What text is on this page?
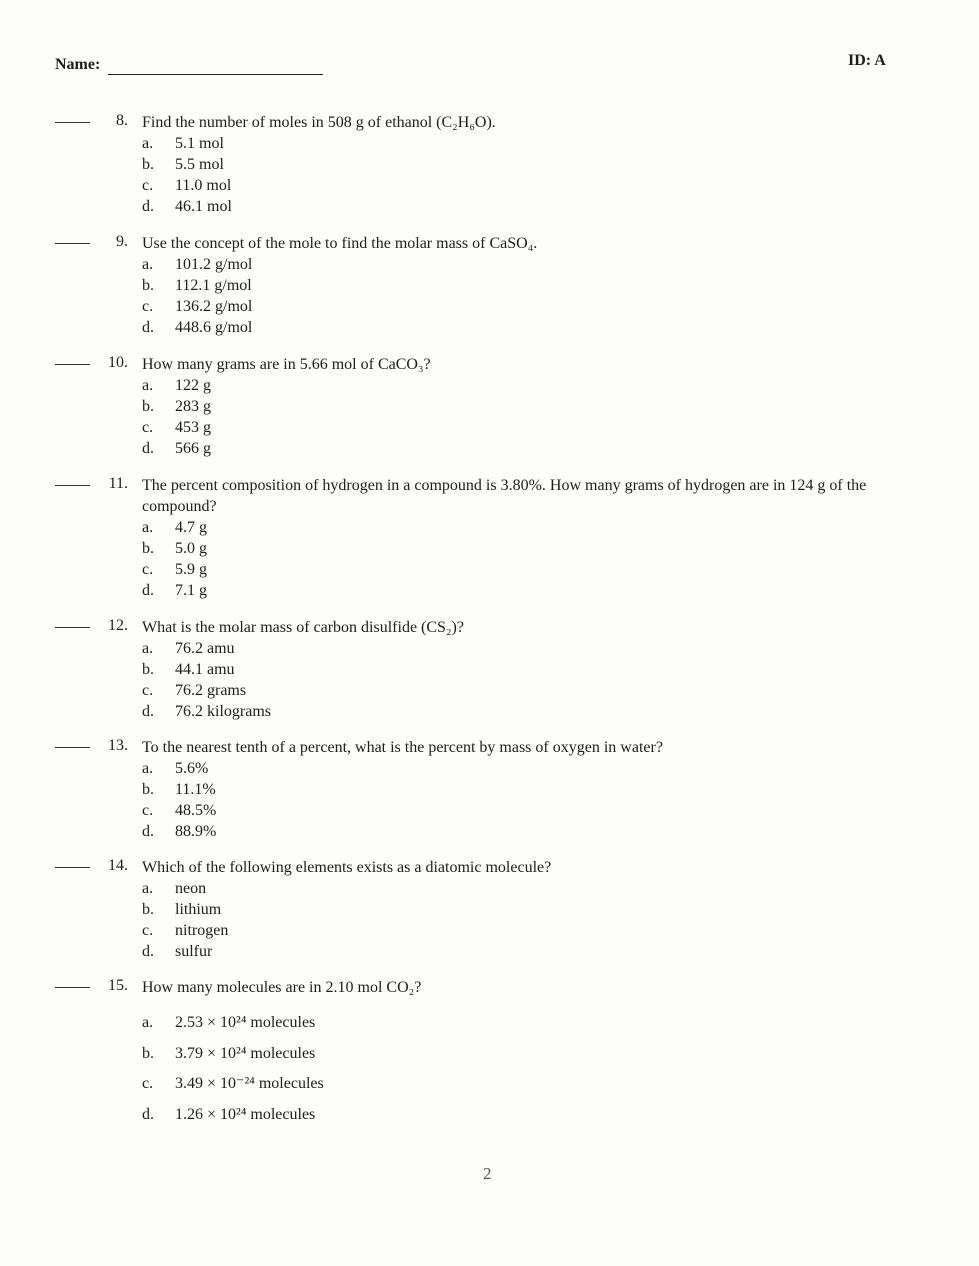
Name:	ID: A
8. Find the number of moles in 508 g of ethanol (C₂H₆O).
a.	5.1 mol
b.	5.5 mol
c.	11.0 mol
d.	46.1 mol
9. Use the concept of the mole to find the molar mass of CaSO₄.
a.	101.2 g/mol
b.	112.1 g/mol
c.	136.2 g/mol
d.	448.6 g/mol
10. How many grams are in 5.66 mol of CaCO₃?
a.	122 g
b.	283 g
c.	453 g
d.	566 g
11. The percent composition of hydrogen in a compound is 3.80%. How many grams of hydrogen are in 124 g of the compound?
a.	4.7 g
b.	5.0 g
c.	5.9 g
d.	7.1 g
12. What is the molar mass of carbon disulfide (CS₂)?
a.	76.2 amu
b.	44.1 amu
c.	76.2 grams
d.	76.2 kilograms
13. To the nearest tenth of a percent, what is the percent by mass of oxygen in water?
a.	5.6%
b.	11.1%
c.	48.5%
d.	88.9%
14. Which of the following elements exists as a diatomic molecule?
a.	neon
b.	lithium
c.	nitrogen
d.	sulfur
15. How many molecules are in 2.10 mol CO₂?
a.	2.53 × 10²⁴ molecules
b.	3.79 × 10²⁴ molecules
c.	3.49 × 10⁻²⁴ molecules
d.	1.26 × 10²⁴ molecules
2
